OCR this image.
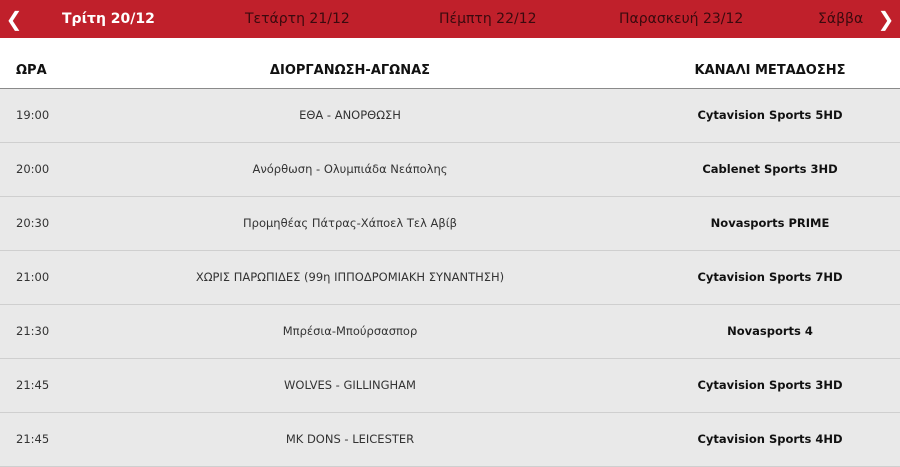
❮	Τρίτη 20/12	Τετάρτη 21/12	Πέμπτη 22/12	Παρασκευή 23/12	Σάββα ❯
ΩΡΑ	ΔΙΟΡΓΑΝΩΣΗ-ΑΓΩΝΑΣ	ΚΑΝΑΛΙ ΜΕΤΑΔΟΣΗΣ
19:00	ΕΘΑ - ΑΝΟΡΘΩΣΗ	Cytavision Sports 5HD
20:00	Ανόρθωση - Ολυμπιάδα Νεάπολης	Cablenet Sports 3HD
20:30	Προμηθέας Πάτρας-Χάποελ Τελ Αβίβ	Novasports PRIME
21:00	ΧΩΡΙΣ ΠΑΡΩΠΙΔΕΣ (99η ΙΠΠΟΔΡΟΜΙΑΚΗ ΣΥΝΑΝΤΗΣΗ)	Cytavision Sports 7HD
21:30	Μπρέσια-Μπούρσασπορ	Novasports 4
21:45	WOLVES - GILLINGHAM	Cytavision Sports 3HD
21:45	MK DONS - LEICESTER	Cytavision Sports 4HD
